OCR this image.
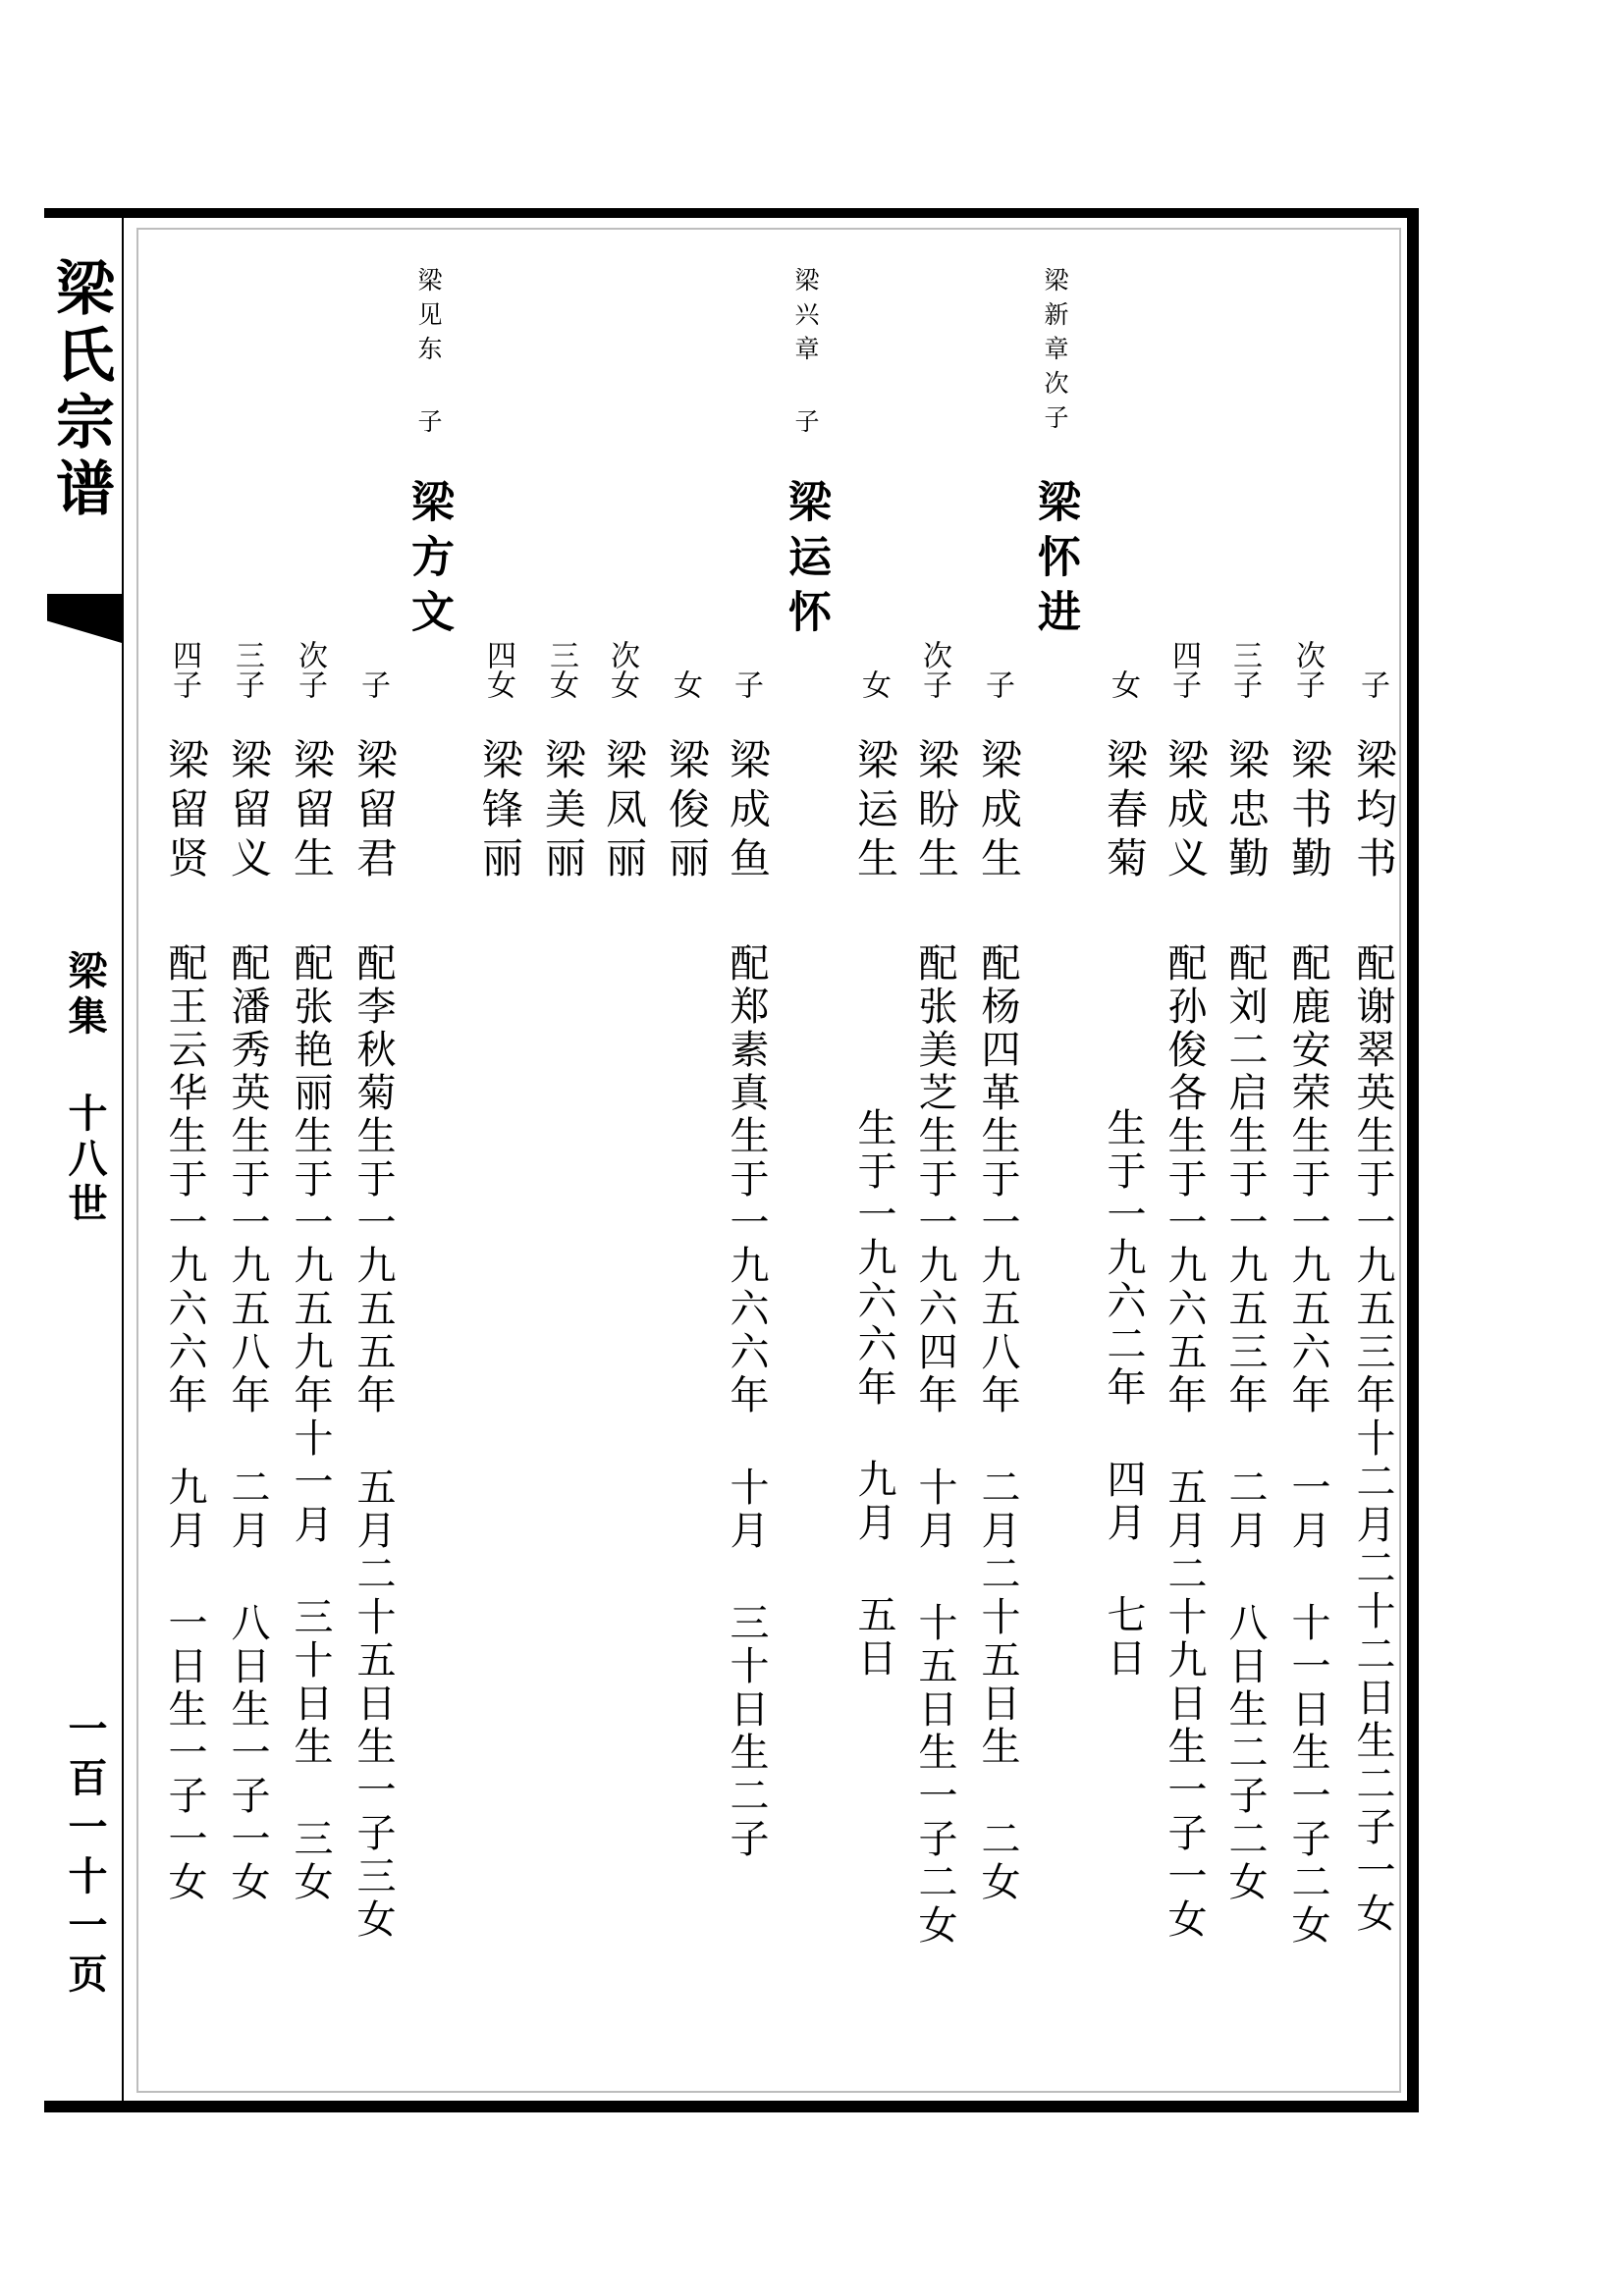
梁氏宗谱
梁集 十八世
一百一十一页
梁新章次子
梁怀进
子
梁均书
配谢翠英生于一九五三年十二月二十二日生二子一女
次子
梁书勤
配鹿安荣生于一九五六年 一月 十一日生一子二女
三子
梁忠勤
配刘二启生于一九五三年 二月 八日生二子二女
四子
梁成义
配孙俊各生于一九六五年 五月二十九日生一子一女
女
梁春菊
生于一九六二年 四月 七日
梁兴章 子
梁运怀
子
梁成生
配杨四革生于一九五八年 二月二十五日生 二女
次子
梁盼生
配张美芝生于一九六四年 十月 十五日生一子二女
女
梁运生
生于一九六六年 九月 五日
梁见东 子
梁方文
子
梁成鱼
配郑素真生于一九六六年 十月 三十日生二子
女
梁俊丽
次女
梁凤丽
三女
梁美丽
四女
梁锋丽
子
梁留君
配李秋菊生于一九五五年 五月二十五日生一子三女
次子
梁留生
配张艳丽生于一九五九年十一月 三十日生 三女
三子
梁留义
配潘秀英生于一九五八年 二月 八日生一子一女
四子
梁留贤
配王云华生于一九六六年 九月 一日生一子一女
